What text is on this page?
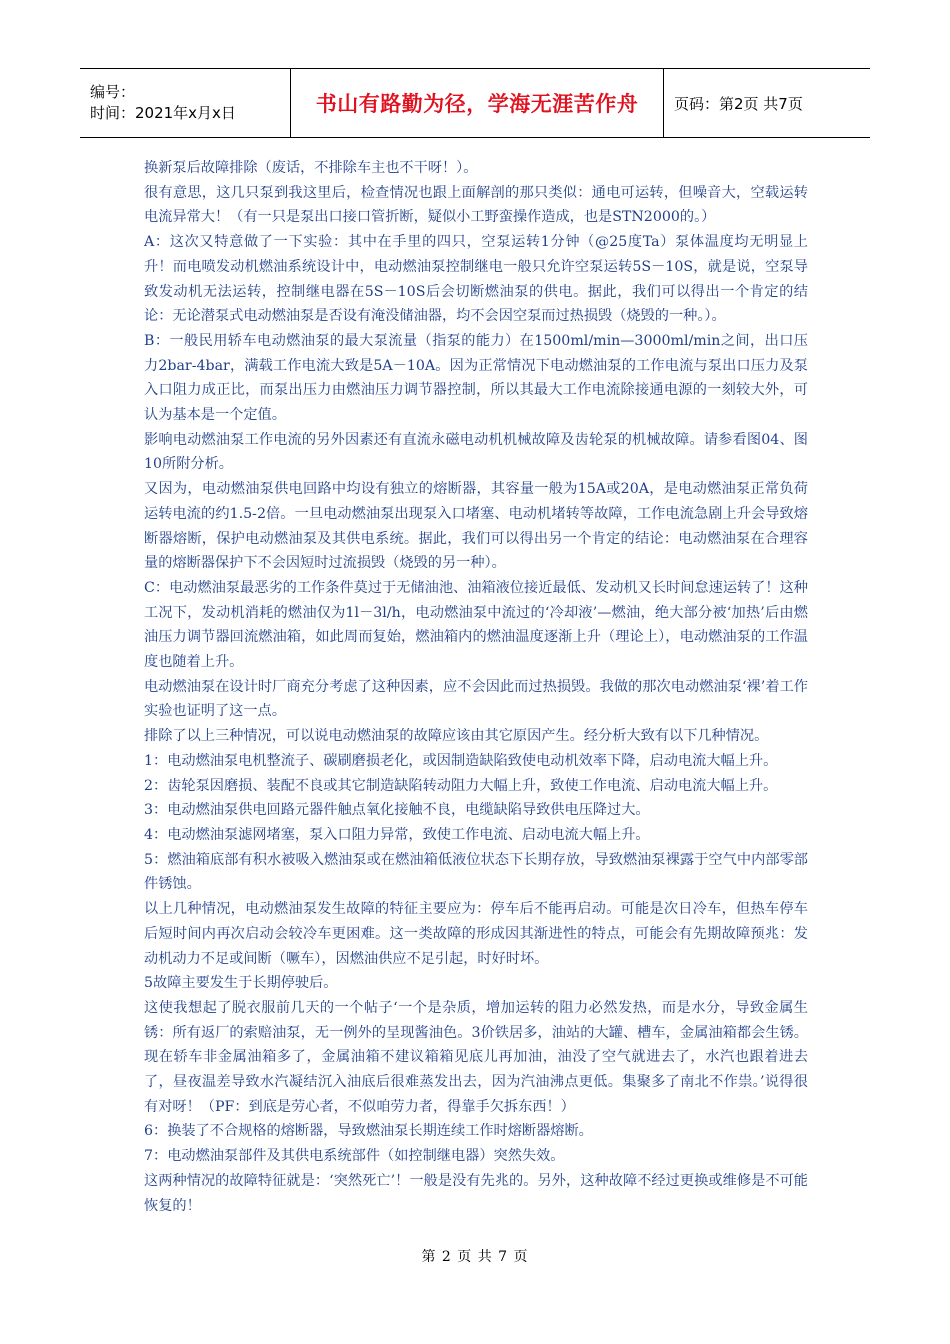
编号：
时间：2021年x月x日	书山有路勤为径，学海无涯苦作舟 页码：第2页 共7页

换新泵后故障排除（废话，不排除车主也不干呀！）。

很有意思，这几只泵到我这里后，检查情况也跟上面解剖的那只类似：通电可运转，但噪音大，空载运转电流异常大！（有一只是泵出口接口管折断，疑似小工野蛮操作造成，也是STN2000的。）

A：这次又特意做了一下实验：其中在手里的四只，空泵运转1分钟（@25度Ta）泵体温度均无明显上升！而电喷发动机燃油系统设计中，电动燃油泵控制继电一般只允许空泵运转5S－10S，就是说，空泵导致发动机无法运转，控制继电器在5S－10S后会切断燃油泵的供电。据此，我们可以得出一个肯定的结论：无论潜泵式电动燃油泵是否设有淹没储油器，均不会因空泵而过热损毁（烧毁的一种。）。

B：一般民用轿车电动燃油泵的最大泵流量（指泵的能力）在1500ml/min—3000ml/min之间，出口压力2bar-4bar，满载工作电流大致是5A－10A。因为正常情况下电动燃油泵的工作电流与泵出口压力及泵入口阻力成正比，而泵出压力由燃油压力调节器控制，所以其最大工作电流除接通电源的一刻较大外，可认为基本是一个定值。

影响电动燃油泵工作电流的另外因素还有直流永磁电动机机械故障及齿轮泵的机械故障。请参看图04、图10所附分析。

又因为，电动燃油泵供电回路中均设有独立的熔断器，其容量一般为15A或20A，是电动燃油泵正常负荷运转电流的约1.5-2倍。一旦电动燃油泵出现泵入口堵塞、电动机堵转等故障，工作电流急剧上升会导致熔断器熔断，保护电动燃油泵及其供电系统。据此，我们可以得出另一个肯定的结论：电动燃油泵在合理容量的熔断器保护下不会因短时过流损毁（烧毁的另一种）。

C：电动燃油泵最恶劣的工作条件莫过于无储油池、油箱液位接近最低、发动机又长时间怠速运转了！这种工况下，发动机消耗的燃油仅为1l－3l/h，电动燃油泵中流过的‘冷却液’—燃油，绝大部分被‘加热’后由燃油压力调节器回流燃油箱，如此周而复始，燃油箱内的燃油温度逐渐上升（理论上），电动燃油泵的工作温度也随着上升。

电动燃油泵在设计时厂商充分考虑了这种因素，应不会因此而过热损毁。我做的那次电动燃油泵‘裸’着工作实验也证明了这一点。

排除了以上三种情况，可以说电动燃油泵的故障应该由其它原因产生。经分析大致有以下几种情况。

1：电动燃油泵电机整流子、碳刷磨损老化，或因制造缺陷致使电动机效率下降，启动电流大幅上升。

2：齿轮泵因磨损、装配不良或其它制造缺陷转动阻力大幅上升，致使工作电流、启动电流大幅上升。

3：电动燃油泵供电回路元器件触点氧化接触不良，电缆缺陷导致供电压降过大。

4：电动燃油泵滤网堵塞，泵入口阻力异常，致使工作电流、启动电流大幅上升。

5：燃油箱底部有积水被吸入燃油泵或在燃油箱低液位状态下长期存放，导致燃油泵裸露于空气中内部零部件锈蚀。

以上几种情况，电动燃油泵发生故障的特征主要应为：停车后不能再启动。可能是次日冷车，但热车停车后短时间内再次启动会较冷车更困难。这一类故障的形成因其渐进性的特点，可能会有先期故障预兆：发动机动力不足或间断（噘车），因燃油供应不足引起，时好时坏。

5故障主要发生于长期停驶后。

这使我想起了脱衣服前几天的一个帖子‘一个是杂质，增加运转的阻力必然发热，而是水分，导致金属生锈：所有返厂的索赔油泵，无一例外的呈现酱油色。3价铁居多，油站的大罐、槽车，金属油箱都会生锈。现在轿车非金属油箱多了，金属油箱不建议箱箱见底儿再加油，油没了空气就进去了，水汽也跟着进去了，昼夜温差导致水汽凝结沉入油底后很难蒸发出去，因为汽油沸点更低。集聚多了南北不作祟。’说得很有对呀！（PF：到底是劳心者，不似咱劳力者，得靠手欠拆东西！）

6：换装了不合规格的熔断器，导致燃油泵长期连续工作时熔断器熔断。

7：电动燃油泵部件及其供电系统部件（如控制继电器）突然失效。

这两种情况的故障特征就是：‘突然死亡’！一般是没有先兆的。另外，这种故障不经过更换或维修是不可能恢复的！

第 2 页 共 7 页
